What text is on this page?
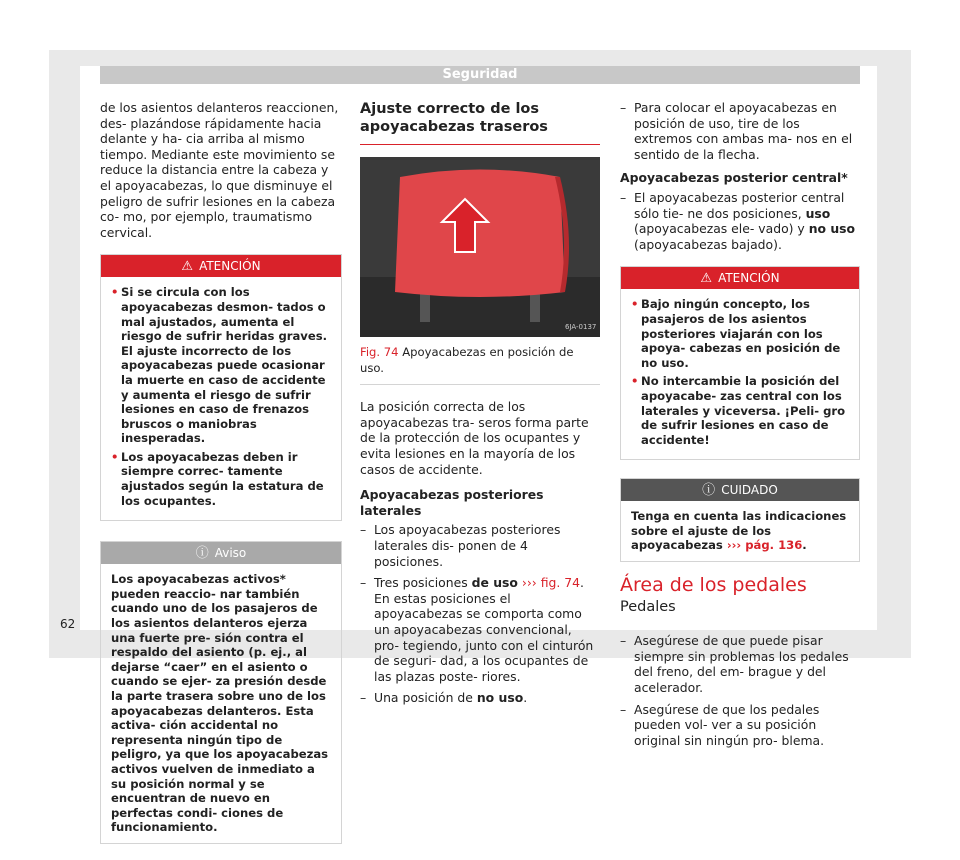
Seguridad

de los asientos delanteros reaccionen, des- plazándose rápidamente hacia delante y ha- cia arriba al mismo tiempo. Mediante este movimiento se reduce la distancia entre la cabeza y el apoyacabezas, lo que disminuye el peligro de sufrir lesiones en la cabeza co- mo, por ejemplo, traumatismo cervical.

⚠ ATENCIÓN
• Si se circula con los apoyacabezas desmon- tados o mal ajustados, aumenta el riesgo de sufrir heridas graves. El ajuste incorrecto de los apoyacabezas puede ocasionar la muerte en caso de accidente y aumenta el riesgo de sufrir lesiones en caso de frenazos bruscos o maniobras inesperadas.
• Los apoyacabezas deben ir siempre correc- tamente ajustados según la estatura de los ocupantes.
ⓘ Aviso
Los apoyacabezas activos* pueden reaccio- nar también cuando uno de los pasajeros de los asientos delanteros ejerza una fuerte pre- sión contra el respaldo del asiento (p. ej., al dejarse “caer” en el asiento o cuando se ejer- za presión desde la parte trasera sobre uno de los apoyacabezas delanteros. Esta activa- ción accidental no representa ningún tipo de peligro, ya que los apoyacabezas activos vuelven de inmediato a su posición normal y se encuentran de nuevo en perfectas condi- ciones de funcionamiento.
Ajuste correcto de los apoyacabezas traseros
6JA-0137
Fig. 74 Apoyacabezas en posición de uso.

La posición correcta de los apoyacabezas tra- seros forma parte de la protección de los ocupantes y evita lesiones en la mayoría de los casos de accidente.

Apoyacabezas posteriores laterales

– Los apoyacabezas posteriores laterales dis- ponen de 4 posiciones.
– Tres posiciones de uso ››› fig. 74. En estas posiciones el apoyacabezas se comporta como un apoyacabezas convencional, pro- tegiendo, junto con el cinturón de seguri- dad, a los ocupantes de las plazas poste- riores.
– Una posición de no uso.
– Para colocar el apoyacabezas en posición de uso, tire de los extremos con ambas ma- nos en el sentido de la flecha.

Apoyacabezas posterior central*

– El apoyacabezas posterior central sólo tie- ne dos posiciones, uso (apoyacabezas ele- vado) y no uso (apoyacabezas bajado).
⚠ ATENCIÓN
• Bajo ningún concepto, los pasajeros de los asientos posteriores viajarán con los apoya- cabezas en posición de no uso.
• No intercambie la posición del apoyacabe- zas central con los laterales y viceversa. ¡Peli- gro de sufrir lesiones en caso de accidente!
ⓘ CUIDADO
Tenga en cuenta las indicaciones sobre el ajuste de los apoyacabezas ››› pág. 136.
Área de los pedales
Pedales
– Asegúrese de que puede pisar siempre sin problemas los pedales del freno, del em- brague y del acelerador.
– Asegúrese de que los pedales pueden vol- ver a su posición original sin ningún pro- blema.
62
